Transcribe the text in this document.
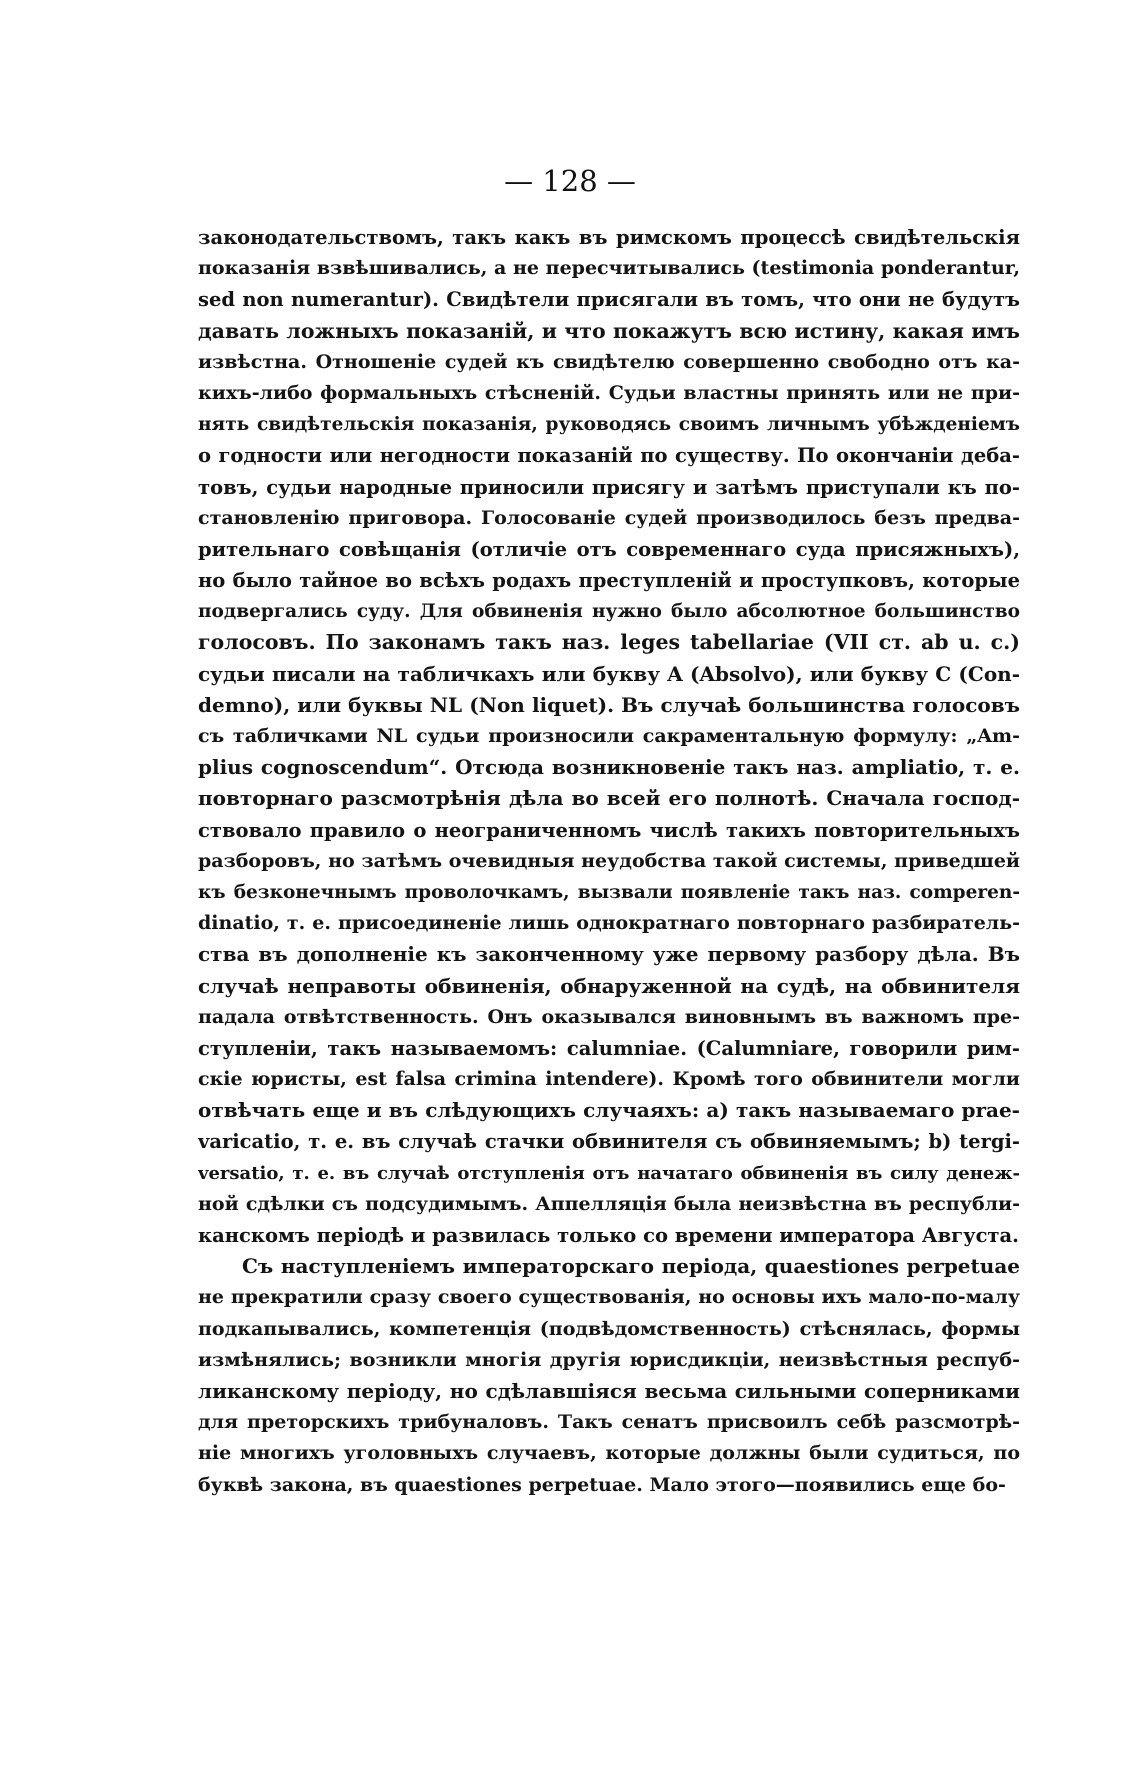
— 128 —
законодательствомъ, такъ какъ въ римскомъ процессѣ свидѣтельскія
показанія взвѣшивались, а не пересчитывались (testimonia ponderantur,
sed non numerantur). Свидѣтели присягали въ томъ, что они не будутъ
давать ложныхъ показаній, и что покажутъ всю истину, какая имъ
извѣстна. Отношеніе судей къ свидѣтелю совершенно свободно отъ ка-
кихъ-либо формальныхъ стѣсненій. Судьи властны принять или не при-
нять свидѣтельскія показанія, руководясь своимъ личнымъ убѣжденіемъ
о годности или негодности показаній по существу. По окончаніи деба-
товъ, судьи народные приносили присягу и затѣмъ приступали къ по-
становленію приговора. Голосованіе судей производилось безъ предва-
рительнаго совѣщанія (отличіе отъ современнаго суда присяжныхъ),
но было тайное во всѣхъ родахъ преступленій и проступковъ, которые
подвергались суду. Для обвиненія нужно было абсолютное большинство
голосовъ. По законамъ такъ наз. leges tabellariae (VII ст. ab u. c.)
судьи писали на табличкахъ или букву A (Absolvo), или букву C (Con-
demno), или буквы NL (Non liquet). Въ случаѣ большинства голосовъ
съ табличками NL судьи произносили сакраментальную формулу: „Am-
plius cognoscendum“. Отсюда возникновеніе такъ наз. ampliatio, т. е.
повторнаго разсмотрѣнія дѣла во всей его полнотѣ. Сначала господ-
ствовало правило о неограниченномъ числѣ такихъ повторительныхъ
разборовъ, но затѣмъ очевидныя неудобства такой системы, приведшей
къ безконечнымъ проволочкамъ, вызвали появленіе такъ наз. comperen-
dinatio, т. е. присоединеніе лишь однократнаго повторнаго разбиратель-
ства въ дополненіе къ законченному уже первому разбору дѣла. Въ
случаѣ неправоты обвиненія, обнаруженной на судѣ, на обвинителя
падала отвѣтственность. Онъ оказывался виновнымъ въ важномъ пре-
ступленіи, такъ называемомъ: calumniae. (Calumniare, говорили рим-
скіе юристы, est falsa crimina intendere). Кромѣ того обвинители могли
отвѣчать еще и въ слѣдующихъ случаяхъ: a) такъ называемаго prae-
varicatio, т. е. въ случаѣ стачки обвинителя съ обвиняемымъ; b) tergi-
versatio, т. е. въ случаѣ отступленія отъ начатаго обвиненія въ силу денеж-
ной сдѣлки съ подсудимымъ. Аппелляція была неизвѣстна въ республи-
канскомъ періодѣ и развилась только со времени императора Августа.
Съ наступленіемъ императорскаго періода, quaestiones perpetuae
не прекратили сразу своего существованія, но основы ихъ мало-по-малу
подкапывались, компетенція (подвѣдомственность) стѣснялась, формы
измѣнялись; возникли многія другія юрисдикціи, неизвѣстныя респуб-
ликанскому періоду, но сдѣлавшіяся весьма сильными соперниками
для преторскихъ трибуналовъ. Такъ сенатъ присвоилъ себѣ разсмотрѣ-
ніе многихъ уголовныхъ случаевъ, которые должны были судиться, по
буквѣ закона, въ quaestiones perpetuae. Мало этого—появились еще бо-
